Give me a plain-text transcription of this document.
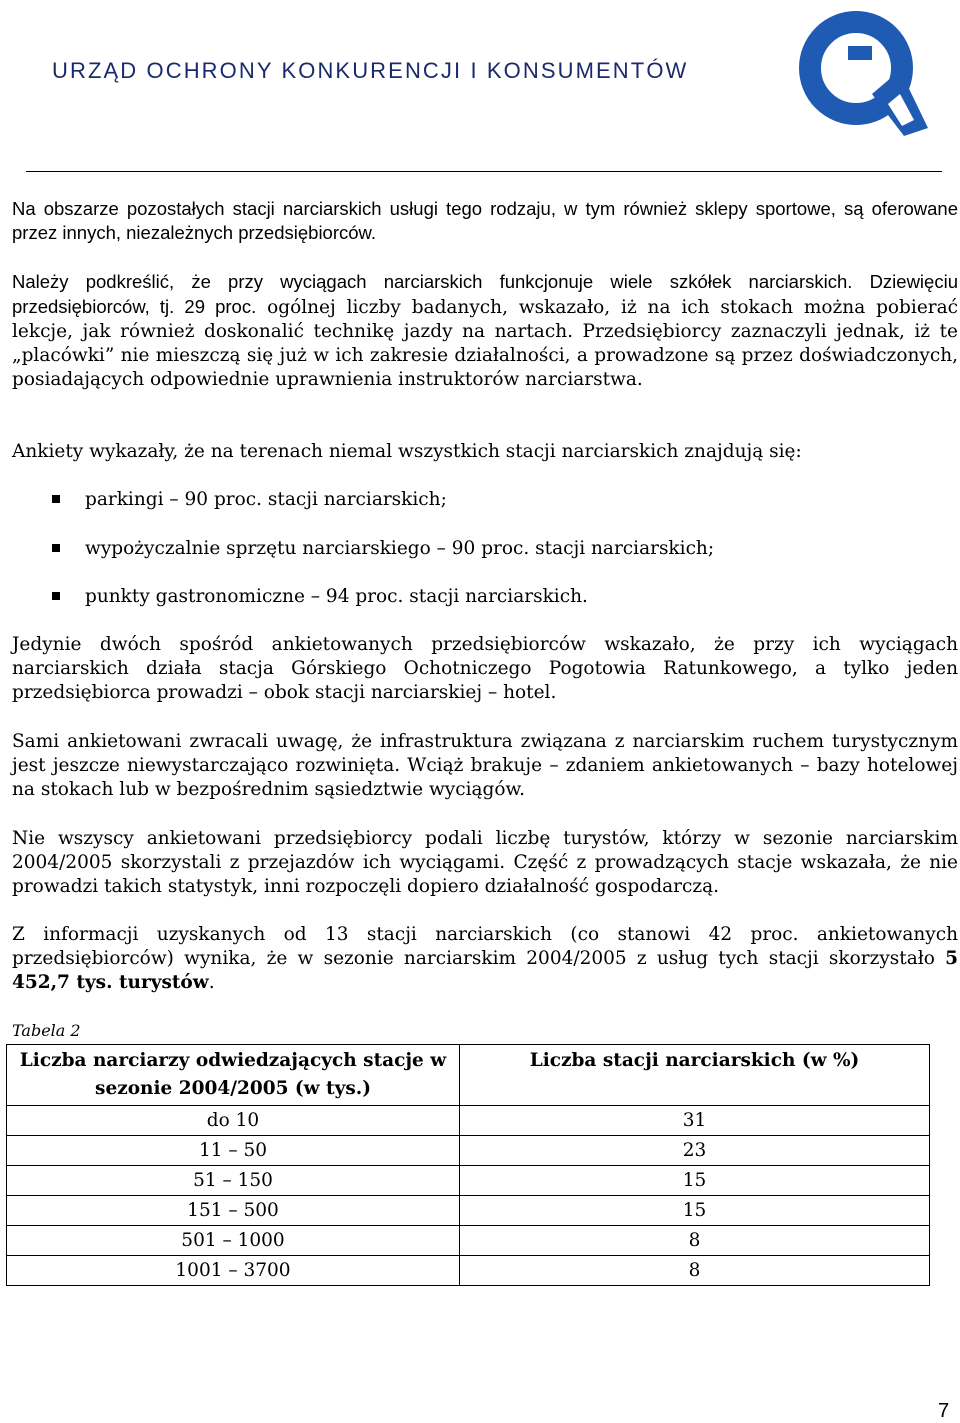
URZĄD OCHRONY KONKURENCJI I KONSUMENTÓW

Na obszarze pozostałych stacji narciarskich usługi tego rodzaju, w tym również sklepy sportowe, są oferowane przez innych, niezależnych przedsiębiorców.

Należy podkreślić, że przy wyciągach narciarskich funkcjonuje wiele szkółek narciarskich. Dziewięciu przedsiębiorców, tj. 29 proc. ogólnej liczby badanych, wskazało, iż na ich stokach można pobierać lekcje, jak również doskonalić technikę jazdy na nartach. Przedsiębiorcy zaznaczyli jednak, iż te „placówki” nie mieszczą się już w ich zakresie działalności, a prowadzone są przez doświadczonych, posiadających odpowiednie uprawnienia instruktorów narciarstwa.

Ankiety wykazały, że na terenach niemal wszystkich stacji narciarskich znajdują się:

parkingi – 90 proc. stacji narciarskich;
wypożyczalnie sprzętu narciarskiego – 90 proc. stacji narciarskich;
punkty gastronomiczne – 94 proc. stacji narciarskich.

Jedynie dwóch spośród ankietowanych przedsiębiorców wskazało, że przy ich wyciągach narciarskich działa stacja Górskiego Ochotniczego Pogotowia Ratunkowego, a tylko jeden przedsiębiorca prowadzi – obok stacji narciarskiej – hotel.

Sami ankietowani zwracali uwagę, że infrastruktura związana z narciarskim ruchem turystycznym jest jeszcze niewystarczająco rozwinięta. Wciąż brakuje – zdaniem ankietowanych – bazy hotelowej na stokach lub w bezpośrednim sąsiedztwie wyciągów.

Nie wszyscy ankietowani przedsiębiorcy podali liczbę turystów, którzy w sezonie narciarskim 2004/2005 skorzystali z przejazdów ich wyciągami. Część z prowadzących stacje wskazała, że nie prowadzi takich statystyk, inni rozpoczęli dopiero działalność gospodarczą.

Z informacji uzyskanych od 13 stacji narciarskich (co stanowi 42 proc. ankietowanych przedsiębiorców) wynika, że w sezonie narciarskim 2004/2005 z usług tych stacji skorzystało 5 452,7 tys. turystów.

Tabela 2
Liczba narciarzy odwiedzających stacje w sezonie 2004/2005 (w tys.)	Liczba stacji narciarskich (w %)
do 10	31
11 – 50	23
51 – 150	15
151 – 500	15
501 – 1000	8
1001 – 3700	8
7
